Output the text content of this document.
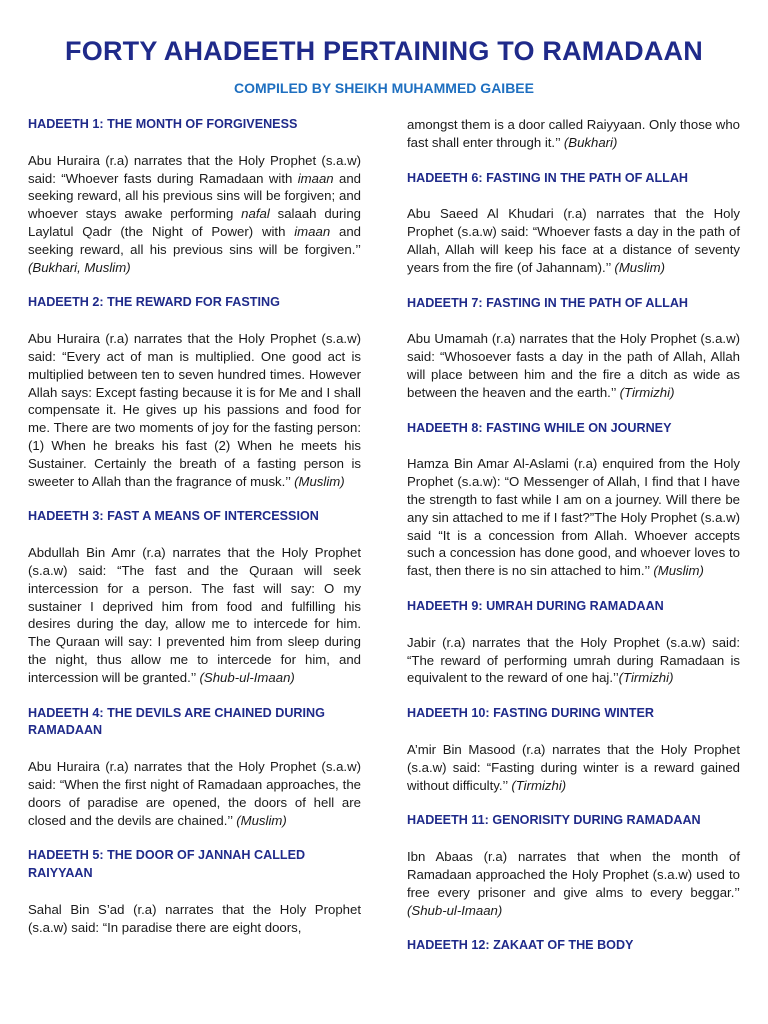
FORTY AHADEETH PERTAINING TO RAMADAAN
COMPILED BY SHEIKH MUHAMMED GAIBEE
HADEETH 1: THE MONTH OF FORGIVENESS
Abu Huraira (r.a) narrates that the Holy Prophet (s.a.w) said: “Whoever fasts during Ramadaan with imaan and seeking reward, all his previous sins will be forgiven; and whoever stays awake performing nafal salaah during Laylatul Qadr (the Night of Power) with imaan and seeking reward, all his previous sins will be forgiven.’’ (Bukhari, Muslim)
HADEETH 2: THE REWARD FOR FASTING
Abu Huraira (r.a) narrates that the Holy Prophet (s.a.w) said: “Every act of man is multiplied. One good act is multiplied between ten to seven hundred times. However Allah says: Except fasting because it is for Me and I shall compensate it. He gives up his passions and food for me. There are two moments of joy for the fasting person: (1) When he breaks his fast (2) When he meets his Sustainer. Certainly the breath of a fasting person is sweeter to Allah than the fragrance of musk.’’ (Muslim)
HADEETH 3: FAST A MEANS OF INTERCESSION
Abdullah Bin Amr (r.a) narrates that the Holy Prophet (s.a.w) said: “The fast and the Quraan will seek intercession for a person. The fast will say: O my sustainer I deprived him from food and fulfilling his desires during the day, allow me to intercede for him. The Quraan will say: I prevented him from sleep during the night, thus allow me to intercede for him, and intercession will be granted.’’ (Shub-ul-Imaan)
HADEETH 4: THE DEVILS ARE CHAINED DURING RAMADAAN
Abu Huraira (r.a) narrates that the Holy Prophet (s.a.w) said: “When the first night of Ramadaan approaches, the doors of paradise are opened, the doors of hell are closed and the devils are chained.’’ (Muslim)
HADEETH 5: THE DOOR OF JANNAH CALLED RAIYYAAN
Sahal Bin S’ad (r.a) narrates that the Holy Prophet (s.a.w) said: “In paradise there are eight doors,
amongst them is a door called Raiyyaan. Only those who fast shall enter through it.’’ (Bukhari)
HADEETH 6: FASTING IN THE PATH OF ALLAH
Abu Saeed Al Khudari (r.a) narrates that the Holy Prophet (s.a.w) said: “Whoever fasts a day in the path of Allah, Allah will keep his face at a distance of seventy years from the fire (of Jahannam).’’ (Muslim)
HADEETH 7: FASTING IN THE PATH OF ALLAH
Abu Umamah (r.a) narrates that the Holy Prophet (s.a.w) said: “Whosoever fasts a day in the path of Allah, Allah will place between him and the fire a ditch as wide as between the heaven and the earth.’’ (Tirmizhi)
HADEETH 8: FASTING WHILE ON JOURNEY
Hamza Bin Amar Al-Aslami (r.a) enquired from the Holy Prophet (s.a.w): “O Messenger of Allah, I find that I have the strength to fast while I am on a journey. Will there be any sin attached to me if I fast?”The Holy Prophet (s.a.w) said “It is a concession from Allah. Whoever accepts such a concession has done good, and whoever loves to fast, then there is no sin attached to him.’’ (Muslim)
HADEETH 9: UMRAH DURING RAMADAAN
Jabir (r.a) narrates that the Holy Prophet (s.a.w) said: “The reward of performing umrah during Ramadaan is equivalent to the reward of one haj.’’(Tirmizhi)
HADEETH 10: FASTING DURING WINTER
A’mir Bin Masood (r.a) narrates that the Holy Prophet (s.a.w) said: “Fasting during winter is a reward gained without difficulty.’’ (Tirmizhi)
HADEETH 11: GENORISITY DURING RAMADAAN
Ibn Abaas (r.a) narrates that when the month of Ramadaan approached the Holy Prophet (s.a.w) used to free every prisoner and give alms to every beggar.’’ (Shub-ul-Imaan)
HADEETH 12: ZAKAAT OF THE BODY
